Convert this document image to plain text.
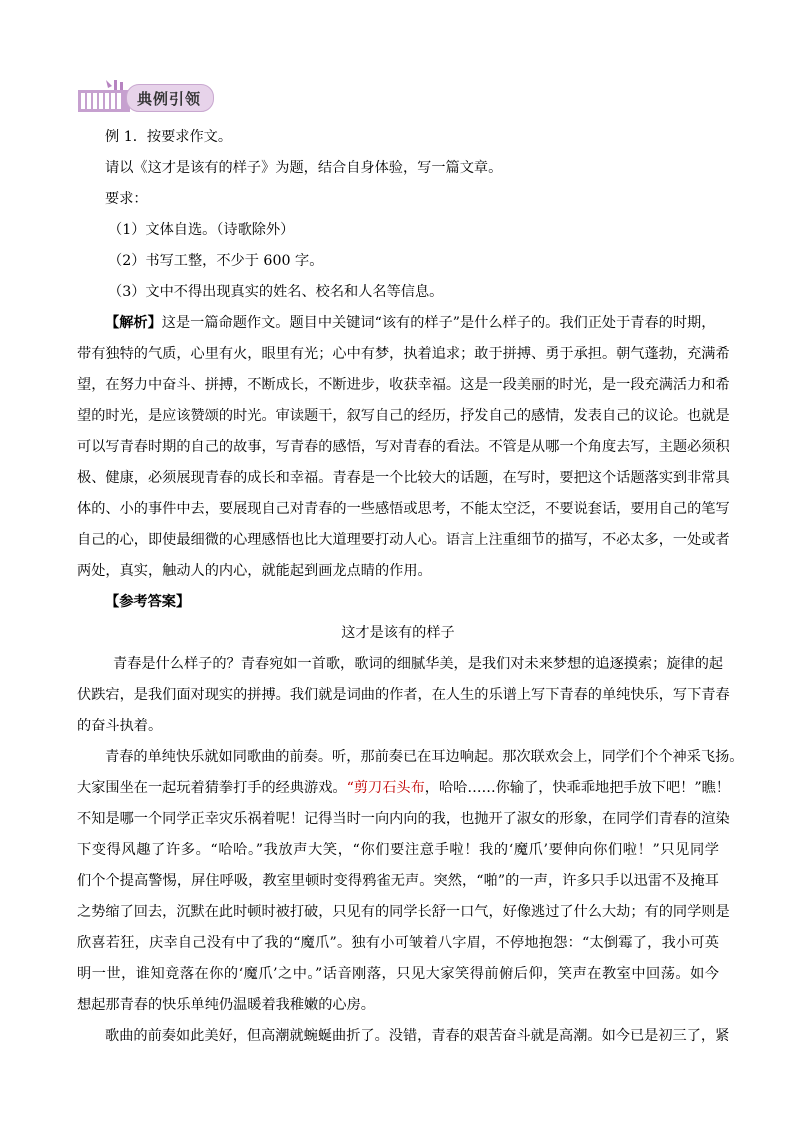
典例引领
例 1．按要求作文。
请以《这才是该有的样子》为题，结合自身体验，写一篇文章。
要求：
（1）文体自选。（诗歌除外）
（2）书写工整，不少于 600 字。
（3）文中不得出现真实的姓名、校名和人名等信息。
【解析】这是一篇命题作文。题目中关键词“该有的样子”是什么样子的。我们正处于青春的时期，
带有独特的气质，心里有火，眼里有光；心中有梦，执着追求；敢于拼搏、勇于承担。朝气蓬勃，充满希
望，在努力中奋斗、拼搏，不断成长，不断进步，收获幸福。这是一段美丽的时光，是一段充满活力和希
望的时光，是应该赞颂的时光。审读题干，叙写自己的经历，抒发自己的感情，发表自己的议论。也就是
可以写青春时期的自己的故事，写青春的感悟，写对青春的看法。不管是从哪一个角度去写，主题必须积
极、健康，必须展现青春的成长和幸福。青春是一个比较大的话题，在写时，要把这个话题落实到非常具
体的、小的事件中去，要展现自己对青春的一些感悟或思考，不能太空泛，不要说套话，要用自己的笔写
自己的心，即使最细微的心理感悟也比大道理要打动人心。语言上注重细节的描写，不必太多，一处或者
两处，真实，触动人的内心，就能起到画龙点睛的作用。
【参考答案】
这才是该有的样子
青春是什么样子的？青春宛如一首歌，歌词的细腻华美，是我们对未来梦想的追逐摸索；旋律的起
伏跌宕，是我们面对现实的拼搏。我们就是词曲的作者，在人生的乐谱上写下青春的单纯快乐，写下青春
的奋斗执着。
青春的单纯快乐就如同歌曲的前奏。听，那前奏已在耳边响起。那次联欢会上，同学们个个神采飞扬。
大家围坐在一起玩着猜拳打手的经典游戏。“剪刀石头布，哈哈……你输了，快乖乖地把手放下吧！”瞧！
不知是哪一个同学正幸灾乐祸着呢！记得当时一向内向的我，也抛开了淑女的形象，在同学们青春的渲染
下变得风趣了许多。“哈哈。”我放声大笑，“你们要注意手啦！我的‘魔爪’要伸向你们啦！”只见同学
们个个提高警惕，屏住呼吸，教室里顿时变得鸦雀无声。突然，“啪”的一声，许多只手以迅雷不及掩耳
之势缩了回去，沉默在此时顿时被打破，只见有的同学长舒一口气，好像逃过了什么大劫；有的同学则是
欣喜若狂，庆幸自己没有中了我的“魔爪”。独有小可皱着八字眉，不停地抱怨：“太倒霉了，我小可英
明一世，谁知竟落在你的‘魔爪’之中。”话音刚落，只见大家笑得前俯后仰，笑声在教室中回荡。如今
想起那青春的快乐单纯仍温暖着我稚嫩的心房。
歌曲的前奏如此美好，但高潮就蜿蜒曲折了。没错，青春的艰苦奋斗就是高潮。如今已是初三了，紧
